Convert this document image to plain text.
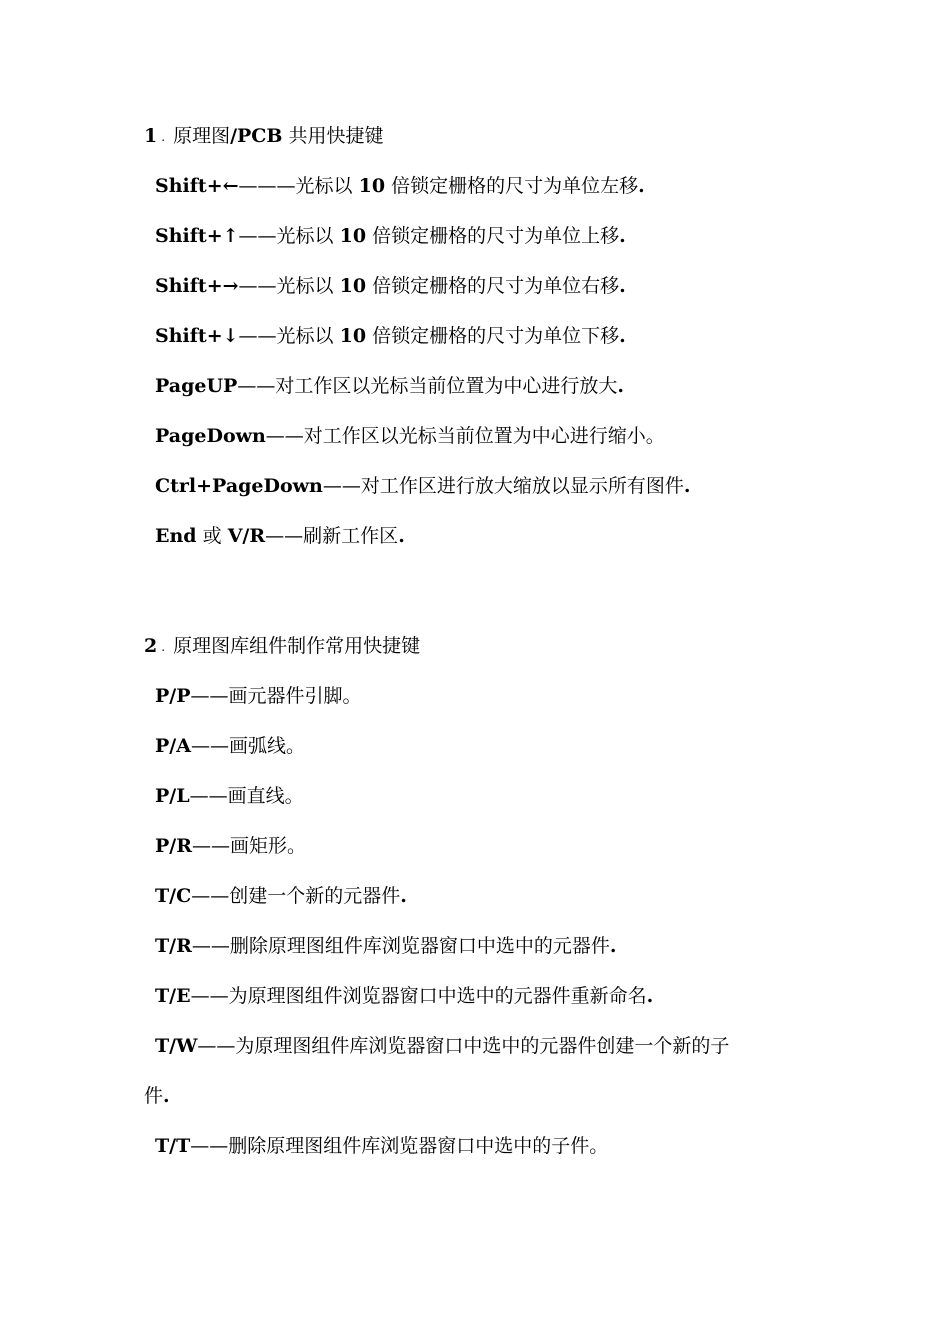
1 . 原理图/PCB 共用快捷键
Shift+←———光标以 10 倍锁定栅格的尺寸为单位左移.
Shift+↑——光标以 10 倍锁定栅格的尺寸为单位上移.
Shift+→——光标以 10 倍锁定栅格的尺寸为单位右移.
Shift+↓——光标以 10 倍锁定栅格的尺寸为单位下移.
PageUP——对工作区以光标当前位置为中心进行放大.
PageDown——对工作区以光标当前位置为中心进行缩小。
Ctrl+PageDown——对工作区进行放大缩放以显示所有图件.
End 或 V/R——刷新工作区.
2 . 原理图库组件制作常用快捷键
P/P——画元器件引脚。
P/A——画弧线。
P/L——画直线。
P/R——画矩形。
T/C——创建一个新的元器件.
T/R——删除原理图组件库浏览器窗口中选中的元器件.
T/E——为原理图组件浏览器窗口中选中的元器件重新命名.
T/W——为原理图组件库浏览器窗口中选中的元器件创建一个新的子
件.
T/T——删除原理图组件库浏览器窗口中选中的子件。
